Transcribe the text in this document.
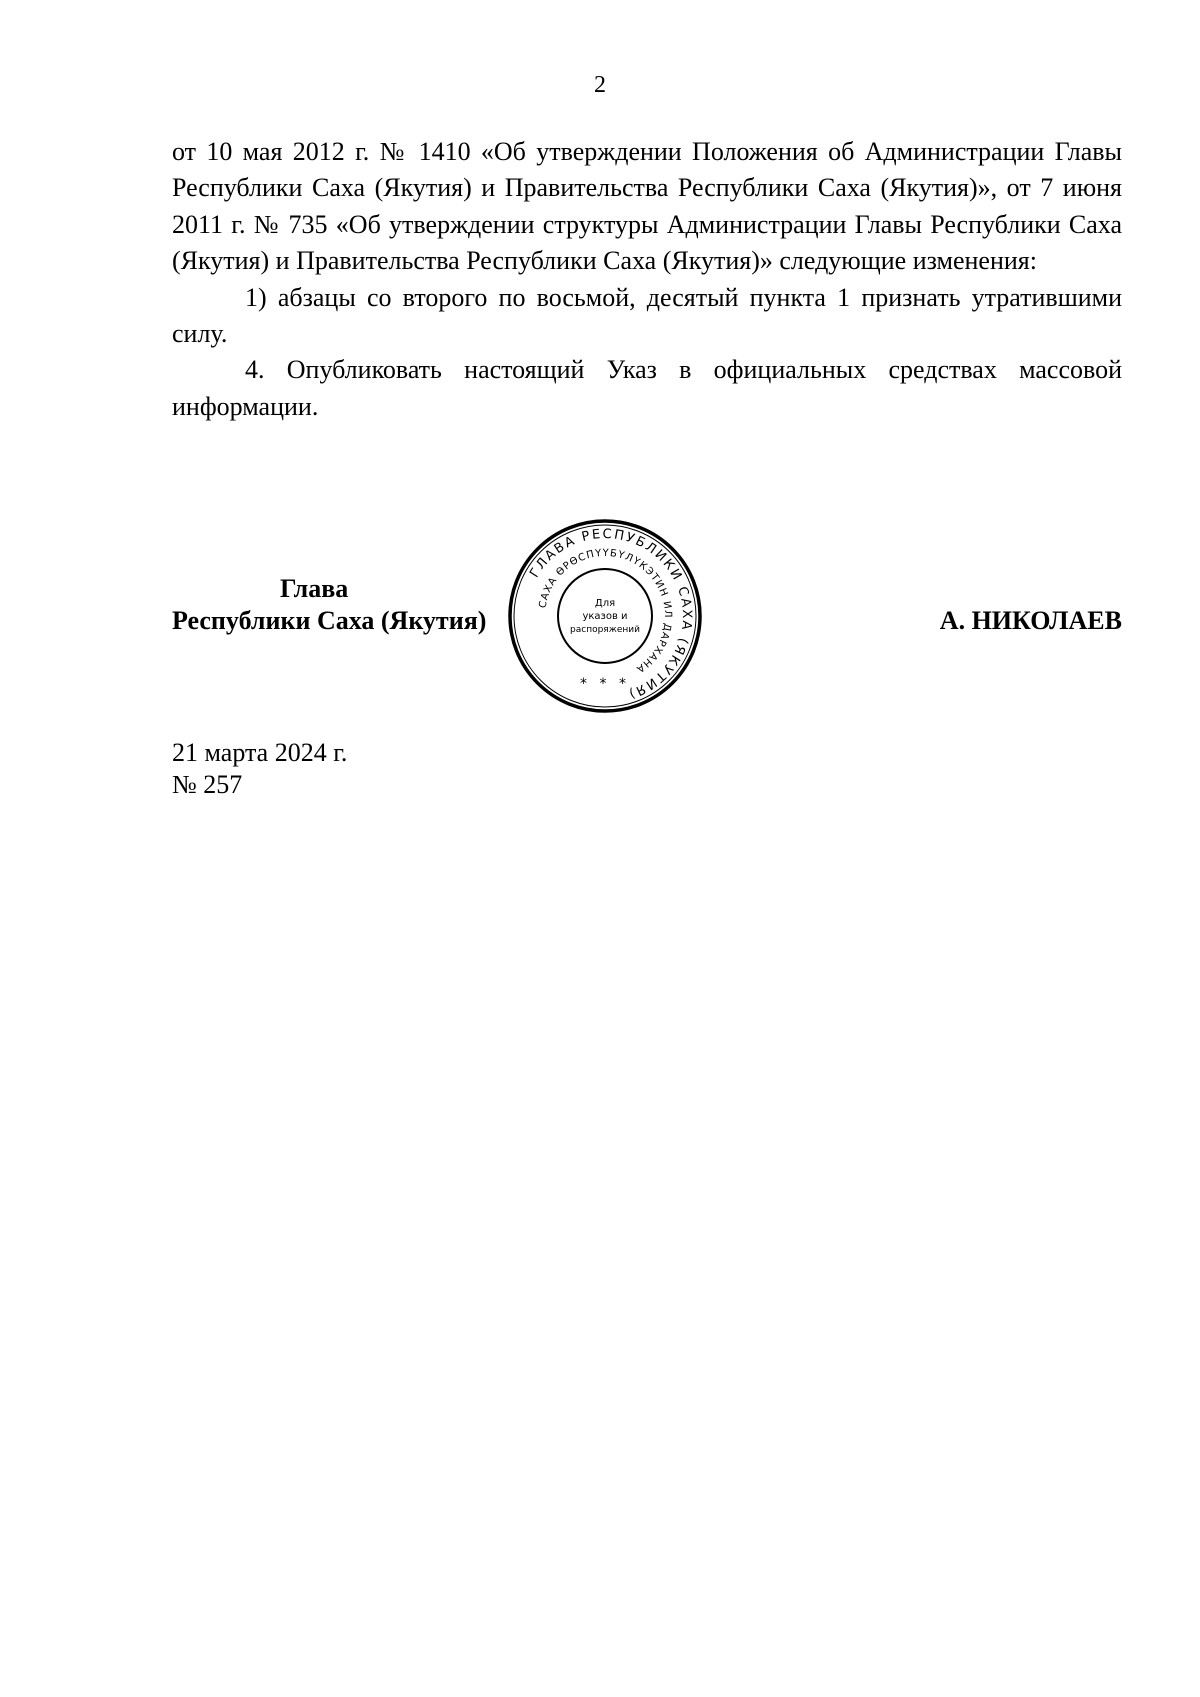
2

от 10 мая 2012 г. № 1410 «Об утверждении Положения об Администрации Главы Республики Саха (Якутия) и Правительства Республики Саха (Якутия)», от 7 июня 2011 г. № 735 «Об утверждении структуры Администрации Главы Республики Саха (Якутия) и Правительства Республики Саха (Якутия)» следующие изменения:

1) абзацы со второго по восьмой, десятый пункта 1 признать утратившими силу.

4. Опубликовать настоящий Указ в официальных средствах массовой информации.

Глава
Республики Саха (Якутия)	А. НИКОЛАЕВ
ГЛАВА РЕСПУБЛИКИ САХА (ЯКУТИЯ)
САХА ӨРӨСПҮҮБҮЛҮКЭТИН ИЛ ДАРХАНА
Для
указов и
распоряжений
* * *
21 марта 2024 г.
№ 257
